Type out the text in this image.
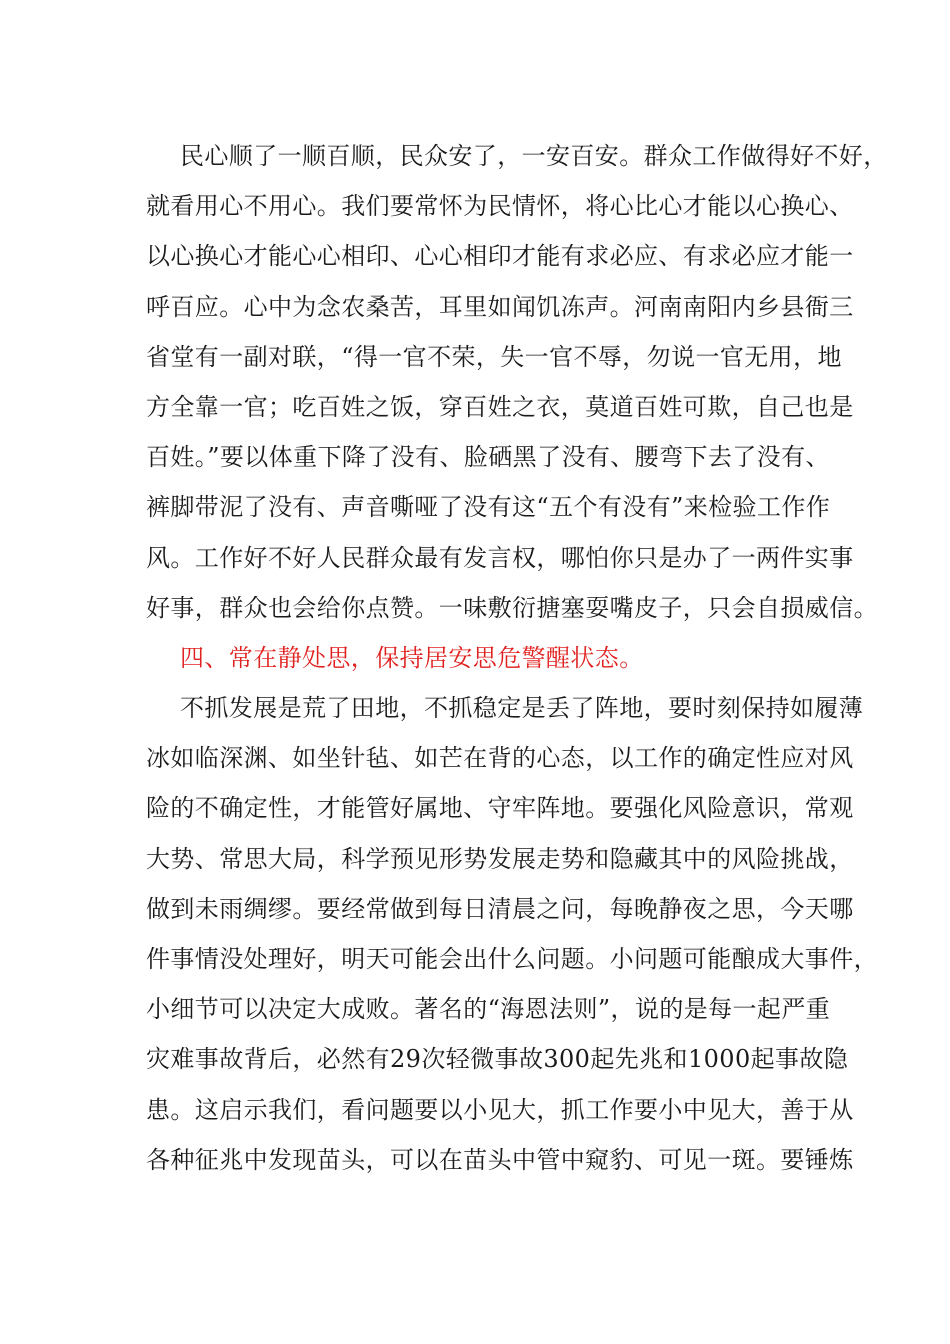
民心顺了一顺百顺，民众安了，一安百安。群众工作做得好不好，
就看用心不用心。我们要常怀为民情怀，将心比心才能以心换心、
以心换心才能心心相印、心心相印才能有求必应、有求必应才能一
呼百应。心中为念农桑苦，耳里如闻饥冻声。河南南阳内乡县衙三
省堂有一副对联，“得一官不荣，失一官不辱，勿说一官无用，地
方全靠一官；吃百姓之饭，穿百姓之衣，莫道百姓可欺，自己也是
百姓。”要以体重下降了没有、脸硒黑了没有、腰弯下去了没有、
裤脚带泥了没有、声音嘶哑了没有这“五个有没有”来检验工作作
风。工作好不好人民群众最有发言权，哪怕你只是办了一两件实事
好事，群众也会给你点赞。一味敷衍搪塞耍嘴皮子，只会自损威信。
四、常在静处思，保持居安思危警醒状态。
不抓发展是荒了田地，不抓稳定是丢了阵地，要时刻保持如履薄
冰如临深渊、如坐针毡、如芒在背的心态，以工作的确定性应对风
险的不确定性，才能管好属地、守牢阵地。要强化风险意识，常观
大势、常思大局，科学预见形势发展走势和隐藏其中的风险挑战，
做到未雨绸缪。要经常做到每日清晨之问，每晚静夜之思，今天哪
件事情没处理好，明天可能会出什么问题。小问题可能酿成大事件，
小细节可以决定大成败。著名的“海恩法则”，说的是每一起严重
灾难事故背后，必然有29次轻微事故300起先兆和1000起事故隐
患。这启示我们，看问题要以小见大，抓工作要小中见大，善于从
各种征兆中发现苗头，可以在苗头中管中窥豹、可见一斑。要锤炼
